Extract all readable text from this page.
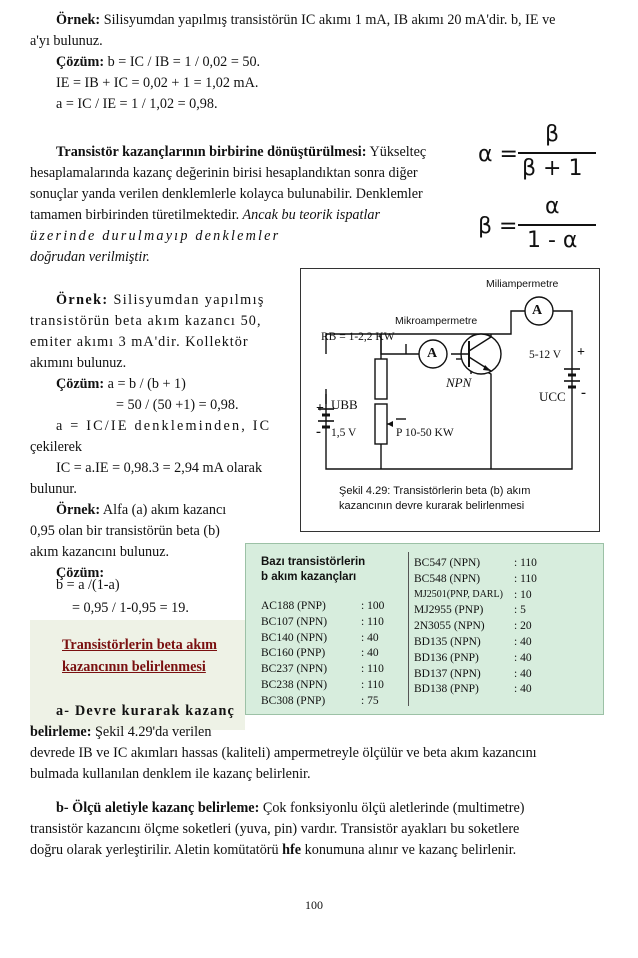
Örnek: Silisyumdan yapılmış transistörün IC akımı 1 mA, IB akımı 20 mA'dir. b, IE ve
a'yı bulunuz.
Çözüm: b = IC / IB = 1 / 0,02 = 50.
IE = IB + IC = 0,02 + 1 = 1,02 mA.
a = IC / IE = 1 / 1,02 = 0,98.
Transistör kazançlarının birbirine dönüştürülmesi: Yükselteç
hesaplamalarında kazanç değerinin birisi hesaplandıktan sonra diğer
sonuçlar yanda verilen denklemlerle kolayca bulunabilir. Denklemler
tamamen birbirinden türetilmektedir. Ancak bu teorik ispatlar
üzerinde durulmayıp denklemler
doğrudan verilmiştir.
α =
β
β + 1
β =
α
1 - α
Örnek: Silisyumdan yapılmış
transistörün beta akım kazancı 50,
emiter akımı 3 mA'dir. Kollektör
akımını bulunuz.
Çözüm: a = b / (b + 1)
= 50 / (50 +1) = 0,98.
a = IC/IE denkleminden, IC
çekilerek
IC = a.IE = 0,98.3 = 2,94 mA olarak
bulunur.
Örnek: Alfa (a) akım kazancı
0,95 olan bir transistörün beta (b)
akım kazancını bulunuz.
Çözüm:
b = a /(1-a)
= 0,95 / 1-0,95 = 19.
Transistörlerin beta akım
kazancının belirlenmesi
a- Devre kurarak kazanç
belirleme: Şekil 4.29'da verilen
devrede IB ve IC akımları hassas (kaliteli) ampermetreyle ölçülür ve beta akım kazancını
bulmada kullanılan denklem ile kazanç belirlenir.
b- Ölçü aletiyle kazanç belirleme: Çok fonksiyonlu ölçü aletlerinde (multimetre)
transistör kazancını ölçme soketleri (yuva, pin) vardır. Transistör ayakları bu soketlere
doğru olarak yerleştirilir. Aletin komütatörü hfe konumuna alınır ve kazanç belirlenir.
100
Miliampermetre
Mikroampermetre
A
A
RB = 1-2,2 KW
NPN
5-12 V +
UCC -
+ UBB
- 1,5 V	P 10-50 KW
Şekil 4.29: Transistörlerin beta (b) akım
kazancının devre kurarak belirlenmesi
Bazı transistörlerin
b akım kazançları
AC188 (PNP)	: 100
BC107 (NPN)	: 110
BC140 (NPN)	: 40
BC160 (PNP)	: 40
BC237 (NPN)	: 110
BC238 (NPN)	: 110
BC308 (PNP)	: 75
BC547 (NPN)	: 110
BC548 (NPN)	: 110
MJ2501(PNP, DARL) : 10
MJ2955 (PNP)	: 5
2N3055 (NPN)	: 20
BD135 (NPN)	: 40
BD136 (PNP)	: 40
BD137 (NPN)	: 40
BD138 (PNP)	: 40
